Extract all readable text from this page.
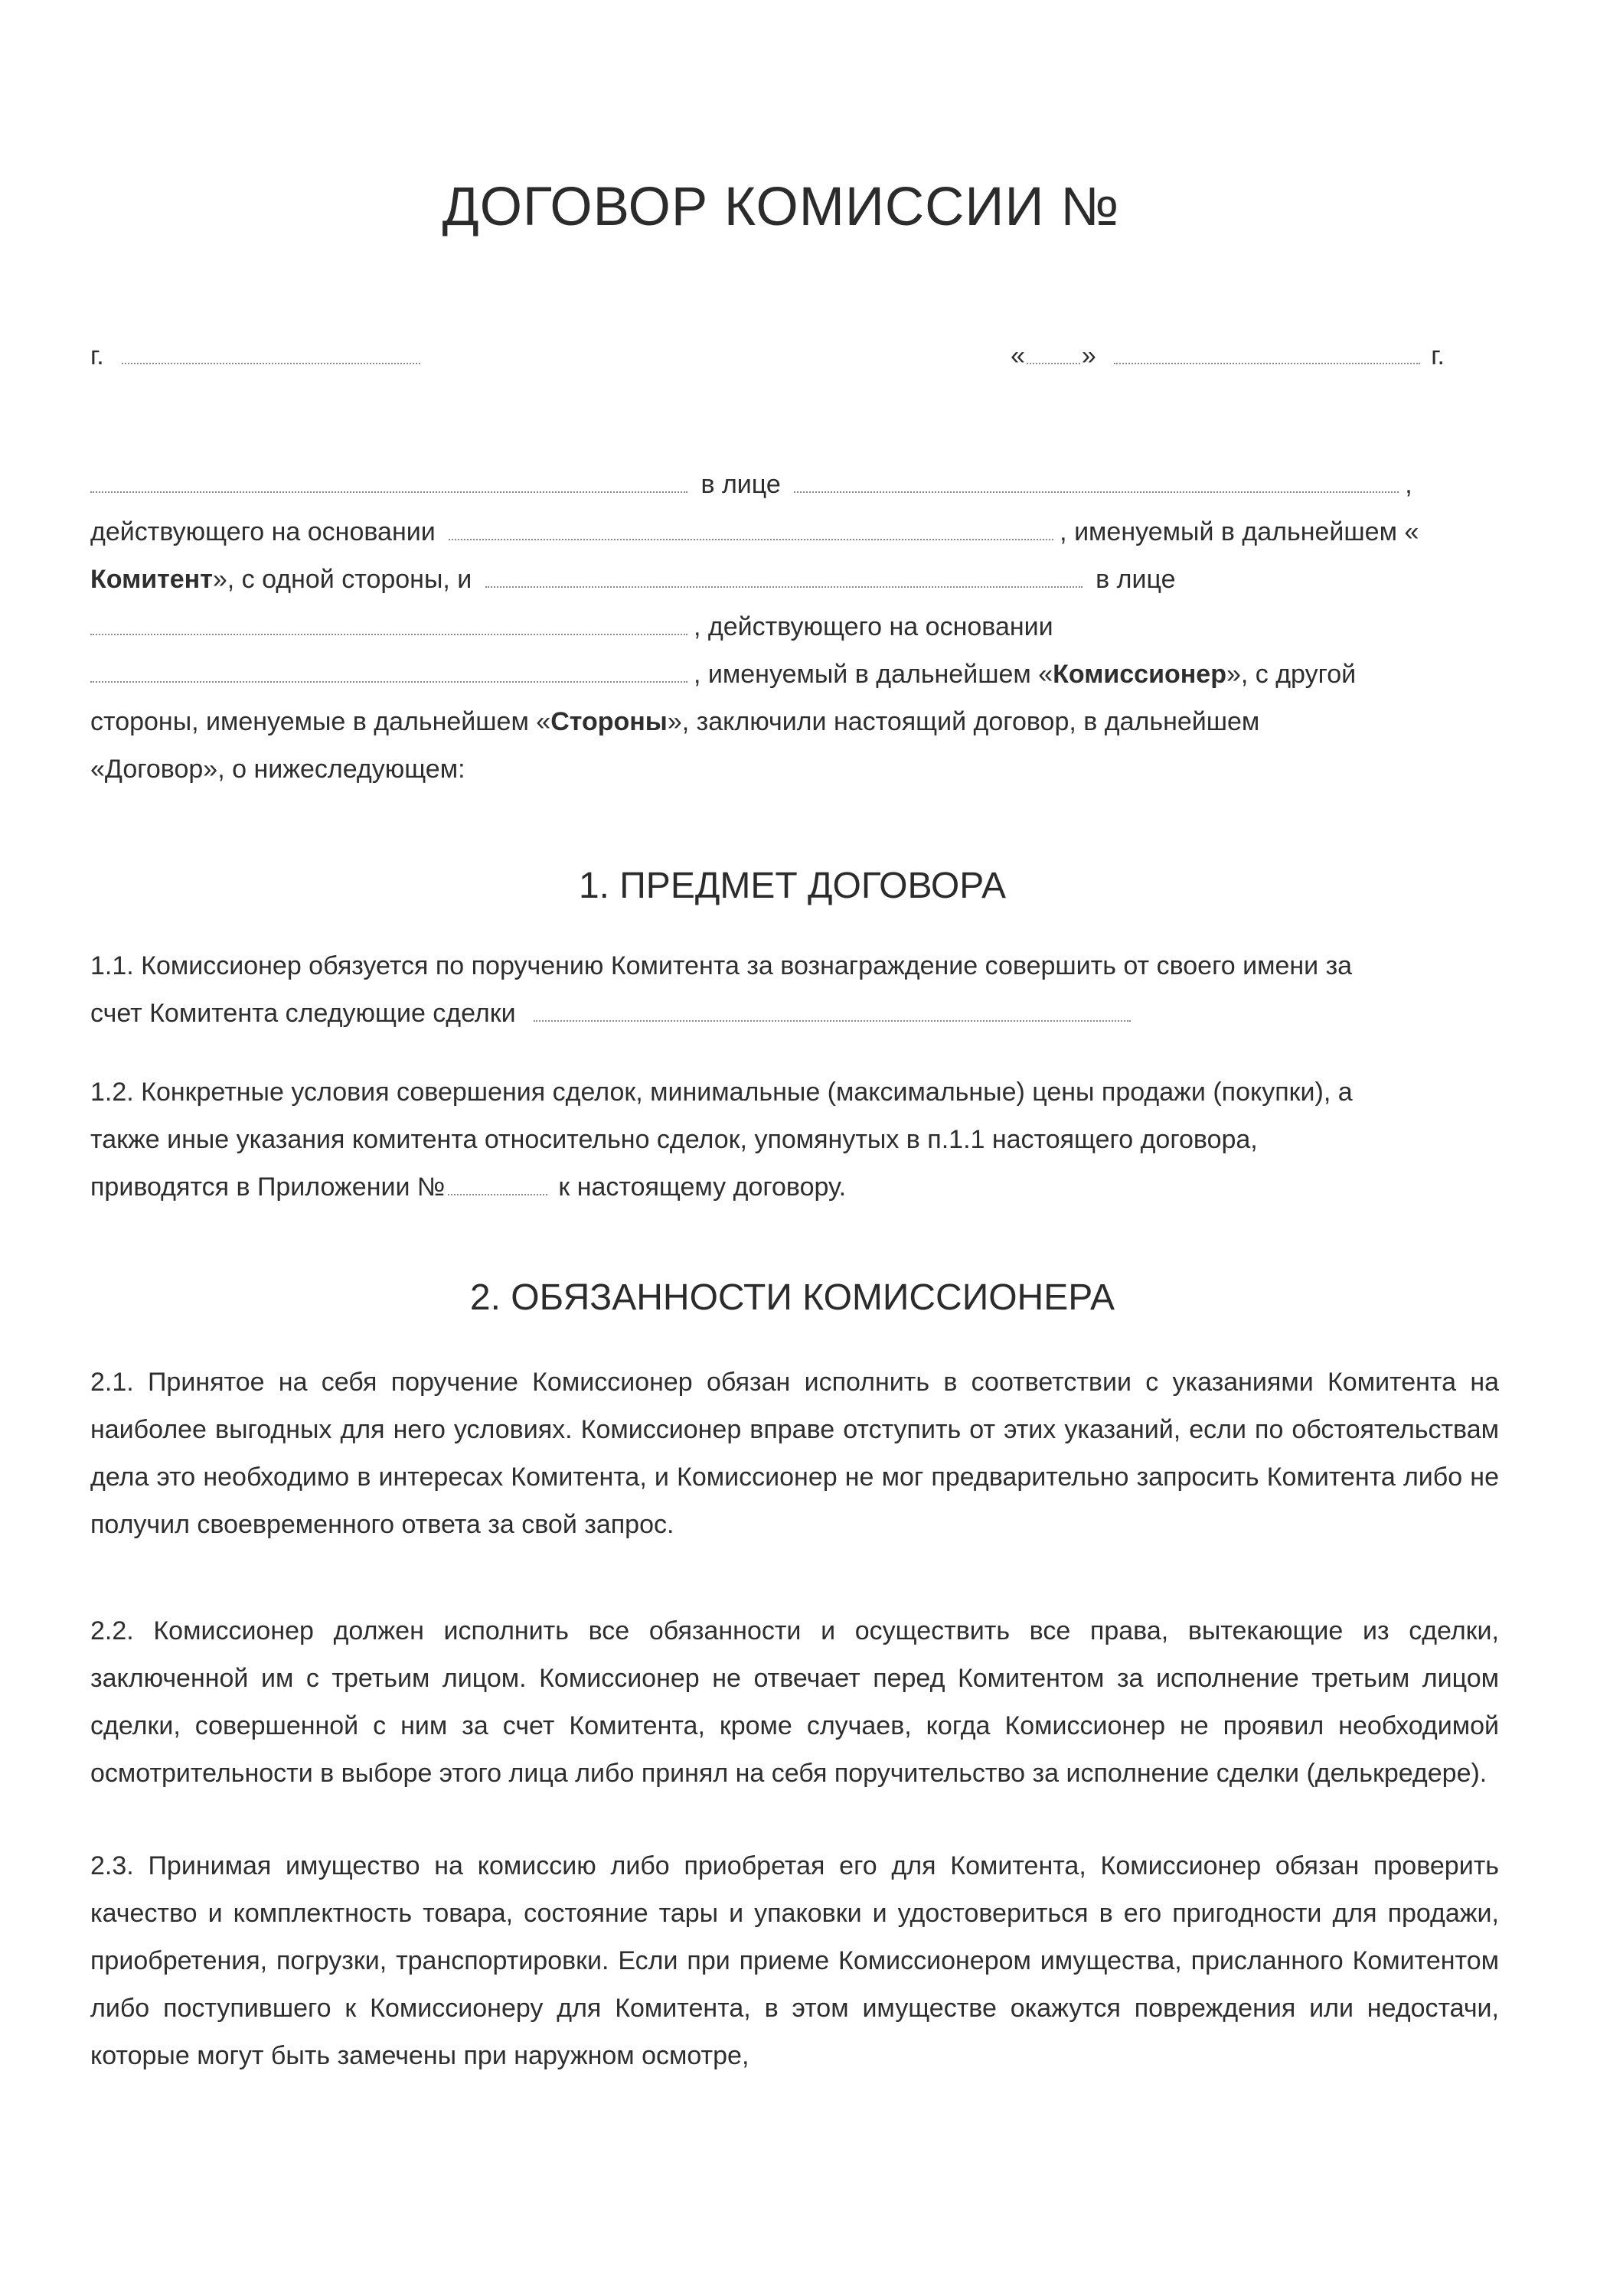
ДОГОВОР КОМИССИИ №
г.	« »	г.
в лице	,
действующего на основании	, именуемый в дальнейшем «
Комитент», с одной стороны, и	в лице
, действующего на основании
, именуемый в дальнейшем «Комиссионер», с другой
стороны, именуемые в дальнейшем «Стороны», заключили настоящий договор, в дальнейшем
«Договор», о нижеследующем:
1. ПРЕДМЕТ ДОГОВОРА
1.1. Комиссионер обязуется по поручению Комитента за вознаграждение совершить от своего имени за
счет Комитента следующие сделки
1.2. Конкретные условия совершения сделок, минимальные (максимальные) цены продажи (покупки), а
также иные указания комитента относительно сделок, упомянутых в п.1.1 настоящего договора,
приводятся в Приложении №	к настоящему договору.
2. ОБЯЗАННОСТИ КОМИССИОНЕРА
2.1. Принятое на себя поручение Комиссионер обязан исполнить в соответствии с указаниями Комитента на наиболее выгодных для него условиях. Комиссионер вправе отступить от этих указаний, если по обстоятельствам дела это необходимо в интересах Комитента, и Комиссионер не мог предварительно запросить Комитента либо не получил своевременного ответа за свой запрос.
2.2. Комиссионер должен исполнить все обязанности и осуществить все права, вытекающие из сделки, заключенной им с третьим лицом. Комиссионер не отвечает перед Комитентом за исполнение третьим лицом сделки, совершенной с ним за счет Комитента, кроме случаев, когда Комиссионер не проявил необходимой осмотрительности в выборе этого лица либо принял на себя поручительство за исполнение сделки (делькредере).
2.3. Принимая имущество на комиссию либо приобретая его для Комитента, Комиссионер обязан проверить качество и комплектность товара, состояние тары и упаковки и удостовериться в его пригодности для продажи, приобретения, погрузки, транспортировки. Если при приеме Комиссионером имущества, присланного Комитентом либо поступившего к Комиссионеру для Комитента, в этом имуществе окажутся повреждения или недостачи, которые могут быть замечены при наружном осмотре,
